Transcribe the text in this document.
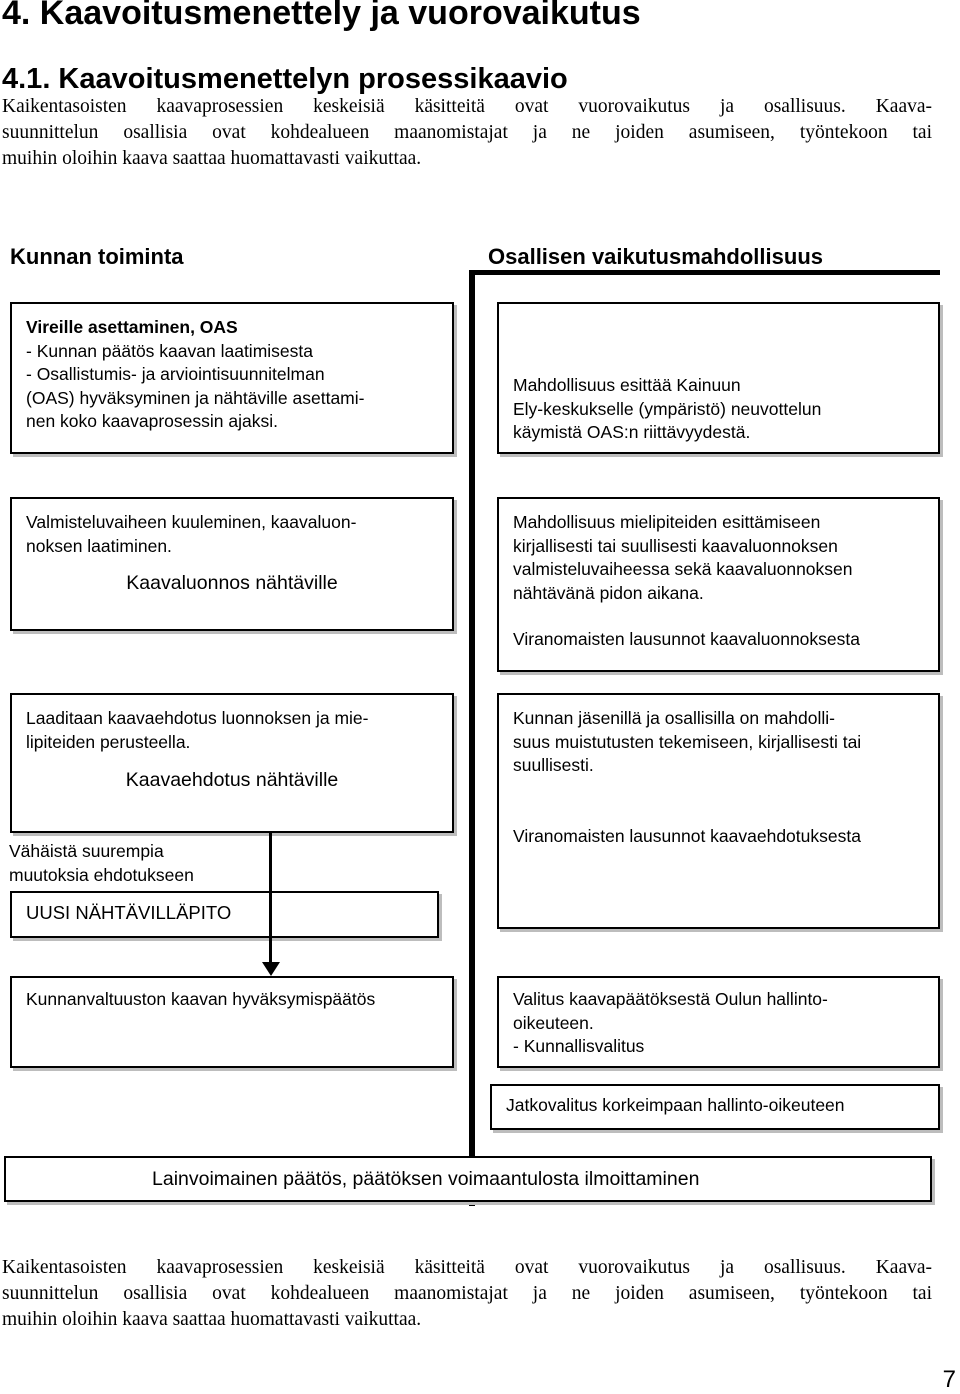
4. Kaavoitusmenettely ja vuorovaikutus
4.1. Kaavoitusmenettelyn prosessikaavio
Kaikentasoisten kaavaprosessien keskeisiä käsitteitä ovat vuorovaikutus ja osallisuus. Kaava-
suunnittelun osallisia ovat kohdealueen maanomistajat ja ne joiden asumiseen, työntekoon tai
muihin oloihin kaava saattaa huomattavasti vaikuttaa.
Kunnan toiminta	Osallisen vaikutusmahdollisuus
Vireille asettaminen, OAS
- Kunnan päätös kaavan laatimisesta
- Osallistumis- ja arviointisuunnitelman
(OAS) hyväksyminen ja nähtäville asettami-
nen koko kaavaprosessin ajaksi.
Mahdollisuus esittää Kainuun
Ely-keskukselle (ympäristö) neuvottelun
käymistä OAS:n riittävyydestä.
Valmisteluvaiheen kuuleminen, kaavaluon-
noksen laatiminen.
Kaavaluonnos nähtäville
Mahdollisuus mielipiteiden esittämiseen
kirjallisesti tai suullisesti kaavaluonnoksen
valmisteluvaiheessa sekä kaavaluonnoksen
nähtävänä pidon aikana.
Viranomaisten lausunnot kaavaluonnoksesta
Laaditaan kaavaehdotus luonnoksen ja mie-
lipiteiden perusteella.
Kaavaehdotus nähtäville
Vähäistä suurempia
muutoksia ehdotukseen
UUSI NÄHTÄVILLÄPITO
Kunnan jäsenillä ja osallisilla on mahdolli-
suus muistutusten tekemiseen, kirjallisesti tai
suullisesti.
Viranomaisten lausunnot kaavaehdotuksesta
Kunnanvaltuuston kaavan hyväksymispäätös	Valitus kaavapäätöksestä Oulun hallinto-
oikeuteen.
- Kunnallisvalitus
Jatkovalitus korkeimpaan hallinto-oikeuteen
Lainvoimainen päätös, päätöksen voimaantulosta ilmoittaminen
Kaikentasoisten kaavaprosessien keskeisiä käsitteitä ovat vuorovaikutus ja osallisuus. Kaava-
suunnittelun osallisia ovat kohdealueen maanomistajat ja ne joiden asumiseen, työntekoon tai
muihin oloihin kaava saattaa huomattavasti vaikuttaa.
7
